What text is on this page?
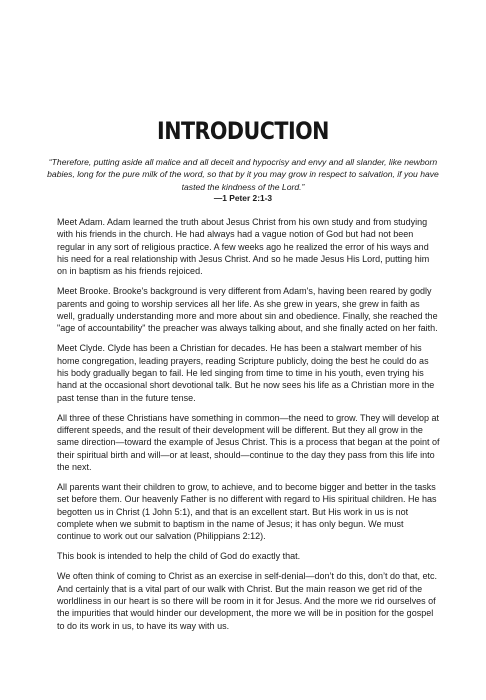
INTRODUCTION
“Therefore, putting aside all malice and all deceit and hypocrisy and envy and all slander, like newborn babies, long for the pure milk of the word, so that by it you may grow in respect to salvation, if you have tasted the kindness of the Lord.”
—1 Peter 2:1-3

Meet Adam. Adam learned the truth about Jesus Christ from his own study and from studying with his friends in the church. He had always had a vague notion of God but had not been regular in any sort of religious practice. A few weeks ago he realized the error of his ways and his need for a real relationship with Jesus Christ. And so he made Jesus His Lord, putting him on in baptism as his friends rejoiced.

Meet Brooke. Brooke's background is very different from Adam's, having been reared by godly parents and going to worship services all her life. As she grew in years, she grew in faith as well, gradually understanding more and more about sin and obedience. Finally, she reached the "age of accountability" the preacher was always talking about, and she finally acted on her faith.

Meet Clyde. Clyde has been a Christian for decades. He has been a stalwart member of his home congregation, leading prayers, reading Scripture publicly, doing the best he could do as his body gradually began to fail. He led singing from time to time in his youth, even trying his hand at the occasional short devotional talk. But he now sees his life as a Christian more in the past tense than in the future tense.

All three of these Christians have something in common—the need to grow. They will develop at different speeds, and the result of their development will be different. But they all grow in the same direction—toward the example of Jesus Christ. This is a process that began at the point of their spiritual birth and will—or at least, should—continue to the day they pass from this life into the next.

All parents want their children to grow, to achieve, and to become bigger and better in the tasks set before them. Our heavenly Father is no different with regard to His spiritual children. He has begotten us in Christ (1 John 5:1), and that is an excellent start. But His work in us is not complete when we submit to baptism in the name of Jesus; it has only begun. We must continue to work out our salvation (Philippians 2:12).

This book is intended to help the child of God do exactly that.

We often think of coming to Christ as an exercise in self-denial—don’t do this, don’t do that, etc. And certainly that is a vital part of our walk with Christ. But the main reason we get rid of the worldliness in our heart is so there will be room in it for Jesus. And the more we rid ourselves of the impurities that would hinder our development, the more we will be in position for the gospel to do its work in us, to have its way with us.
